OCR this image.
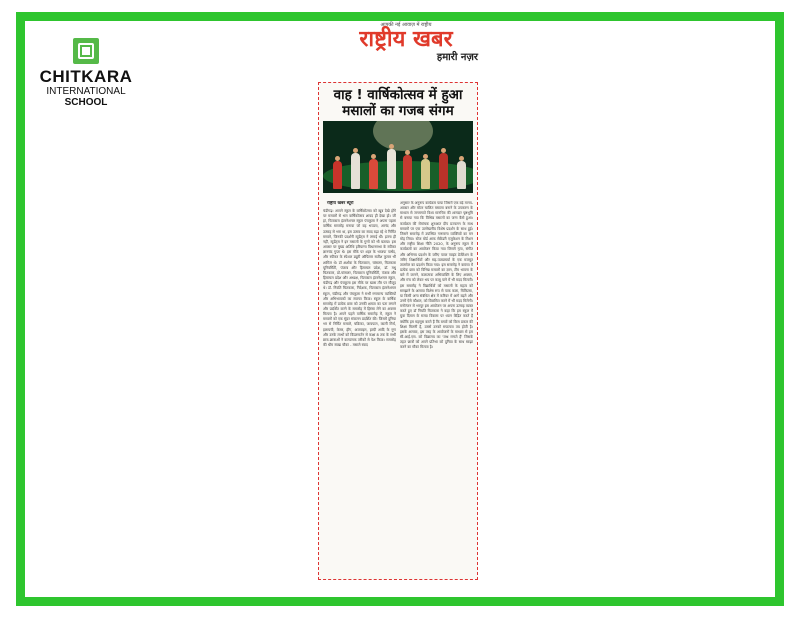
CHITKARA
INTERNATIONAL
SCHOOL
आपकी नई आवाज़ में राष्ट्रीय
राष्ट्रीय खबर
हमारी नज़र
वाह ! वार्षिकोत्सव में हुआ मसालों का गजब संगम
राष्ट्रीय खबर ब्यूरो
चंडीगढ़। आपने स्कूल के वार्षिकोत्सव को खूब देखे होंगे पर मसालों से भरा वार्षिकोत्सव शायद ही देखा हो। जी हां, चितकारा इंटरनेशनल स्कूल पंचकूला ने अपना पहला वार्षिक समारोह मनाया जो यह भव्यता, आनंद और उत्साह से भरा था, इस उत्सव का स्वाद बढ़ा रहे थे निर्मित मसाले, जिनकी प्रदर्शनी स्टूडेंट्स ने लगाई थी। इतना ही नहीं, स्टूडेंट्स ने इन मसालों के गुणों को भी बताया। इस अवसर पर मुख्य अतिथि हरियाणा विधानसभा के स्पीकर ज्ञानचंद गुप्ता थे। इस मौके पर शहर के भाजपा पार्षद, और स्पीकर के स्पेशल ड्यूटी ऑफिसर सतीश कुमार भी शामिल थे। डॉ अशोक के चितकारा, चांसलर, चितकारा यूनिवर्सिटी, पंजाब और हिमाचल प्रदेश, डॉ. मधु चितकारा, प्रो-चांसलर, चितकारा यूनिवर्सिटी, पंजाब और हिमाचल प्रदेश और अध्यक्ष, चितकारा इंटरनेशनल स्कूल, चंडीगढ़ और पंचकूला इस मौके पर खास तौर पर मौजूद थे। डॉ. नियति चितकारा, निदेशक, चितकारा इंटरनेशनल स्कूल, चंडीगढ़ और पंचकूला ने सभी गणमान्य व्यक्तियों और अभिभावकों का स्वागत किया। स्कूल के वार्षिक समारोह में प्रत्येक छात्र को उनकी क्षमता का पता लगाने और प्रदर्शित करने के समारोह में हिस्सा लेने का अवसर मिलता है। अपने पहले वार्षिक समारोह में, स्कूल ने मसालों को एक सुंदर संकलन प्रदर्शित की। जिसमें दुनिया भर से निर्मित मसाले, चक्रिका, जायफल, काली मिर्च, इलायची, केसर, हींग, अजवाइन, हल्दी आदि के गुण और उनके लाभों को किंडरगार्टन से कक्षा 8 तक के सभी छात्र-छात्राओं ने कलात्मक तरीकों से पेश किया। समारोह की थीम स्वाद्य चौका - मसाले स्वाद
अनुसार के अनुरूप कार्यक्रम पाया जिसमें एक बड़े मानव-आकार और मोटर चालित मसाला बनाने के उपकरण के माध्यम से जगमगाते विश्व मानचित्र की शानदार पृष्ठभूमि से बनाया गया कि विभिन्न मसालों का जन्म कैसे हुआ। कार्यक्रम की रोमांचक शुरुआत दीप प्रज्वलन के साथ मसालों पर एक उल्लेखनीय विशेष प्रदर्शन के साथ हुई। जिसने समारोह में उपस्थित गणमान्य व्यक्तियों का मन मोह लिया। स्टेज बोर्ड आफ सेकेंडरी एजुकेशन के मिशन और राष्ट्रीय शिक्षा नीति 2020, के अनुरूप स्कूल में कार्यक्रमों का आयोजन किया गया जिसमें नृत्य, संगीत और अभिनय प्रदर्शन के जरिए पावर प्वाइंट प्रेजेंटेशन के जरिए शिक्षार्थियों और सह-पाठ्यचर्या के एक मजबूत तालमेल का प्रदर्शन किया गया। इस समारोह ने वास्तव में प्रत्येक छात्र को विभिन्न मसालों का ज्ञान, टीम भावना के बारे में जानने, कलात्मक अभिव्यक्ति के लिए अवसर, और मंच को लेकर भय पर काबू पाने में भी मदद मिलती। इस समारोह ने विद्यार्थियों को मसालों के महत्व को समझाने के अलावा विशेष रूप से पाक कला, चिकित्सा, या किसी अन्य संबंधित क्षेत्र में करियर में आगे बढ़ने और उनमें ऐसे कौशल, को विकसित करने में भी मदद मिलेगी। मनोरंजन से भरपूर इस आयोजन पर अपना उत्साह व्यक्त करते हुए डॉ नियति चितकारा ने कहा कि हम स्कूल में युवा दिमाग के समग्र विकास पर ध्यान केंद्रित करते हैं क्योंकि हम महसूस करते हैं कि बच्चों को किस प्रकार की शिक्षा मिलनी है, उससे उनको सफलता तय होती है। इसके अलावा, इस तरह के आयोजनों के माध्यम से हम सी.आई.एस. को विद्यालय का 'जश्न मनाते हैं' जिसके तहत छात्रों को अपने प्रतिभा को दुनिया के साथ साझा करने का मौका मिलता है।
